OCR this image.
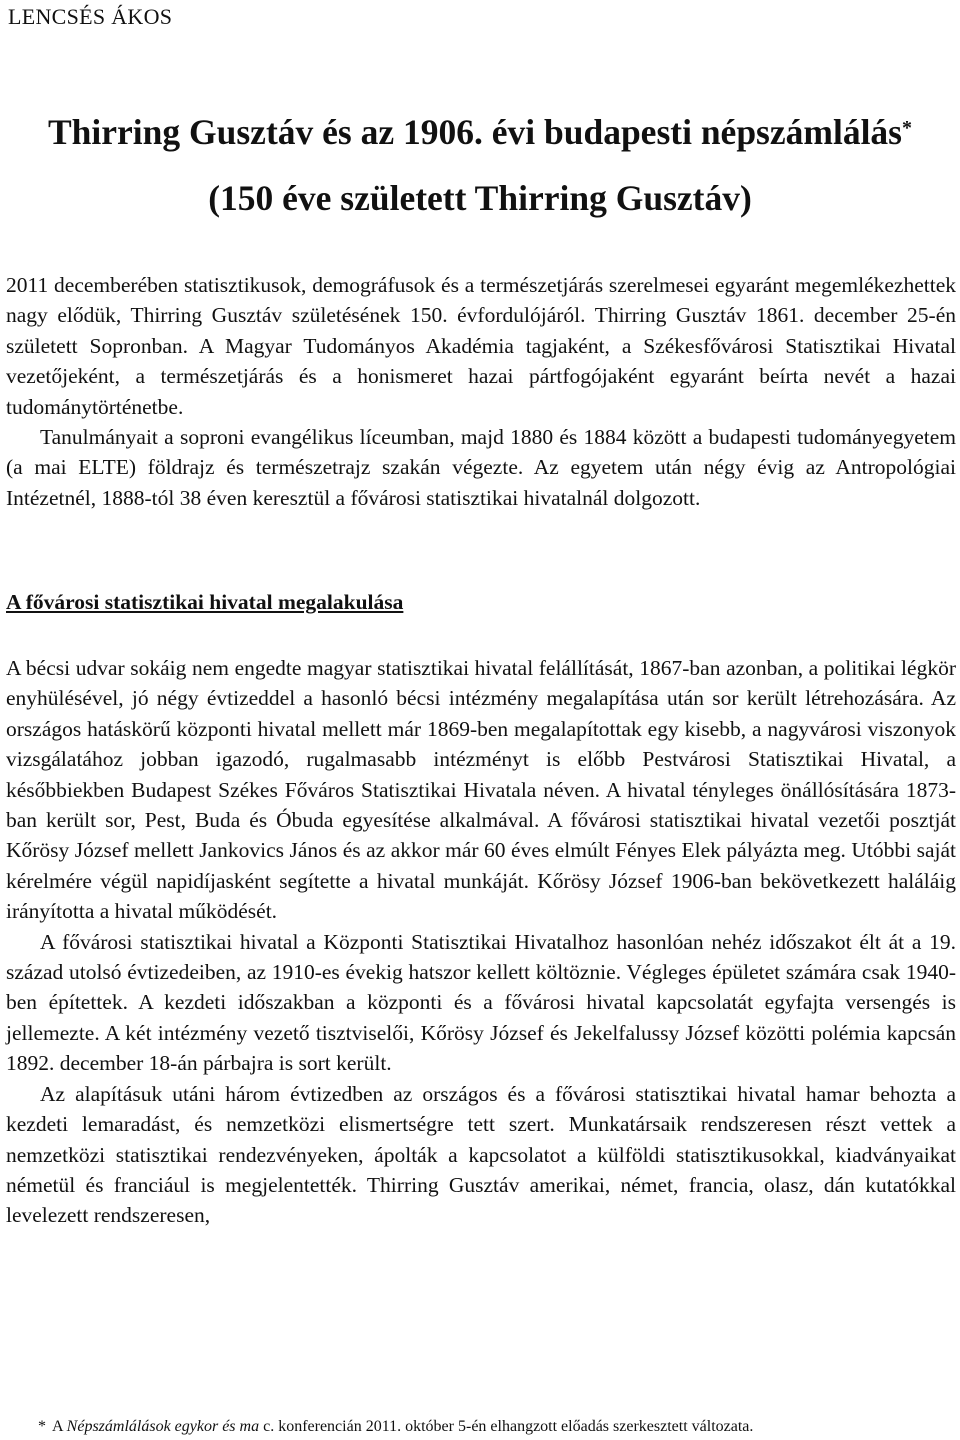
LENCSÉS ÁKOS
Thirring Gusztáv és az 1906. évi budapesti népszámlálás*
(150 éve született Thirring Gusztáv)

2011 decemberében statisztikusok, demográfusok és a természetjárás szerelmesei egyaránt megemlékezhettek nagy elődük, Thirring Gusztáv születésének 150. évfordulójáról. Thirring Gusztáv 1861. december 25-én született Sopronban. A Magyar Tudományos Akadémia tagjaként, a Székesfővárosi Statisztikai Hivatal vezetőjeként, a természetjárás és a honismeret hazai pártfogójaként egyaránt beírta nevét a hazai tudománytörténetbe.

Tanulmányait a soproni evangélikus líceumban, majd 1880 és 1884 között a budapesti tudományegyetem (a mai ELTE) földrajz és természetrajz szakán végezte. Az egyetem után négy évig az Antropológiai Intézetnél, 1888-tól 38 éven keresztül a fővárosi statisztikai hivatalnál dolgozott.

A fővárosi statisztikai hivatal megalakulása

A bécsi udvar sokáig nem engedte magyar statisztikai hivatal felállítását, 1867-ban azonban, a politikai légkör enyhülésével, jó négy évtizeddel a hasonló bécsi intézmény megalapítása után sor került létrehozására. Az országos hatáskörű központi hivatal mellett már 1869-ben megalapítottak egy kisebb, a nagyvárosi viszonyok vizsgálatához jobban igazodó, rugalmasabb intézményt is előbb Pestvárosi Statisztikai Hivatal, a későbbiekben Budapest Székes Főváros Statisztikai Hivatala néven. A hivatal tényleges önállósítására 1873-ban került sor, Pest, Buda és Óbuda egyesítése alkalmával. A fővárosi statisztikai hivatal vezetői posztját Kőrösy József mellett Jankovics János és az akkor már 60 éves elmúlt Fényes Elek pályázta meg. Utóbbi saját kérelmére végül napidíjasként segítette a hivatal munkáját. Kőrösy József 1906-ban bekövetkezett haláláig irányította a hivatal működését.

A fővárosi statisztikai hivatal a Központi Statisztikai Hivatalhoz hasonlóan nehéz időszakot élt át a 19. század utolsó évtizedeiben, az 1910-es évekig hatszor kellett költöznie. Végleges épületet számára csak 1940-ben építettek. A kezdeti időszakban a központi és a fővárosi hivatal kapcsolatát egyfajta versengés is jellemezte. A két intézmény vezető tisztviselői, Kőrösy József és Jekelfalussy József közötti polémia kapcsán 1892. december 18-án párbajra is sort került.

Az alapításuk utáni három évtizedben az országos és a fővárosi statisztikai hivatal hamar behozta a kezdeti lemaradást, és nemzetközi elismertségre tett szert. Munkatársaik rendszeresen részt vettek a nemzetközi statisztikai rendezvényeken, ápolták a kapcsolatot a külföldi statisztikusokkal, kiadványaikat németül és franciául is megjelentették. Thirring Gusztáv amerikai, német, francia, olasz, dán kutatókkal levelezett rendszeresen,

* A Népszámlálások egykor és ma c. konferencián 2011. október 5-én elhangzott előadás szerkesztett változata.
